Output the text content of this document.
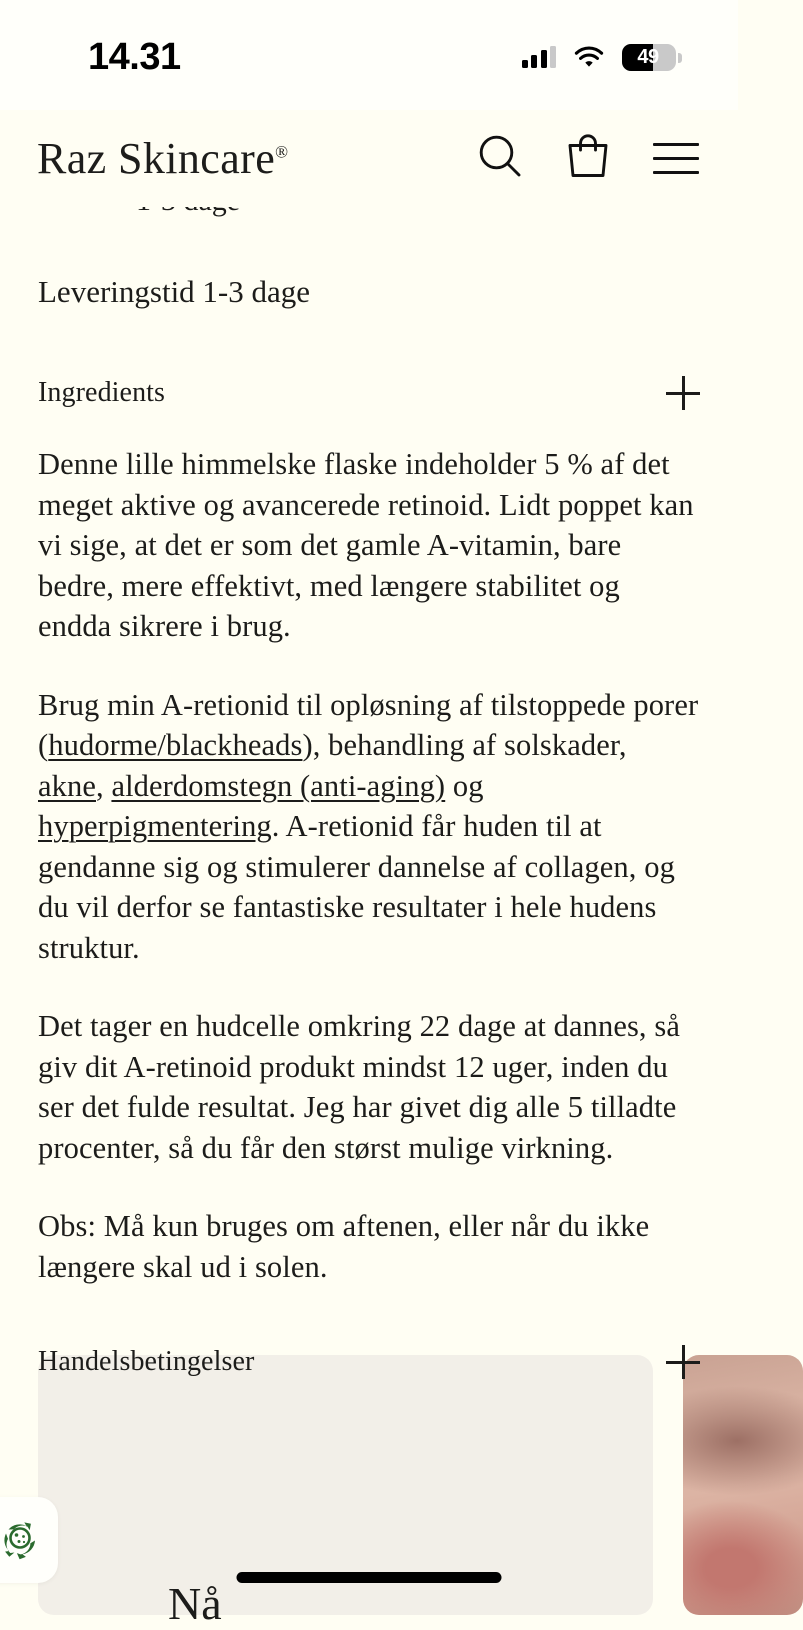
14.31	49
Raz Skincare®
Leveringstid 1-3 dage
Ingredients

Denne lille himmelske flaske indeholder 5 % af det meget aktive og avancerede retinoid. Lidt poppet kan vi sige, at det er som det gamle A-vitamin, bare bedre, mere effektivt, med længere stabilitet og endda sikrere i brug.

Brug min A-retionid til opløsning af tilstoppede porer (hudorme/blackheads), behandling af solskader, akne, alderdomstegn (anti-aging) og hyperpigmentering. A-retionid får huden til at gendanne sig og stimulerer dannelse af collagen, og du vil derfor se fantastiske resultater i hele hudens struktur.

Det tager en hudcelle omkring 22 dage at dannes, så giv dit A-retinoid produkt mindst 12 uger, inden du ser det fulde resultat. Jeg har givet dig alle 5 tilladte procenter, så du får den størst mulige virkning.

Obs: Må kun bruges om aftenen, eller når du ikke længere skal ud i solen.

Handelsbetingelser
Nå
